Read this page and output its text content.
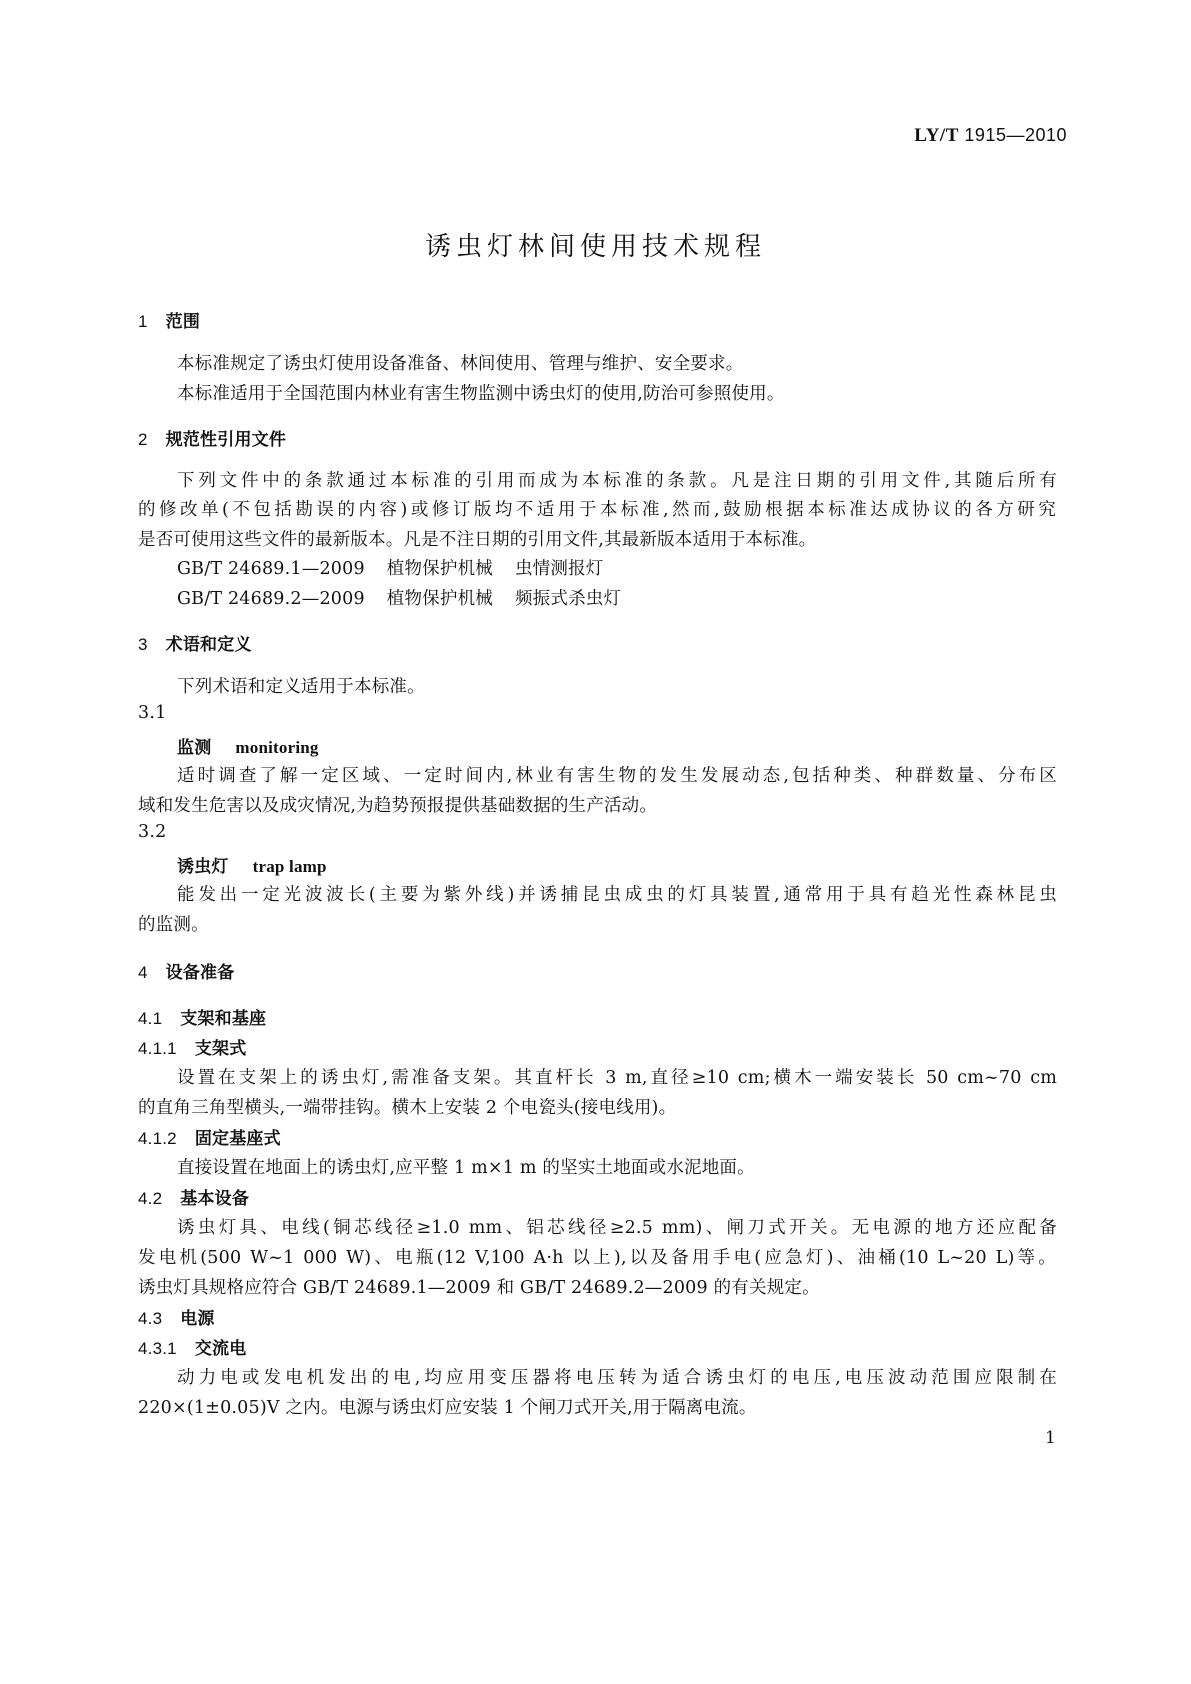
LY/T 1915—2010
诱虫灯林间使用技术规程
1 范围
本标准规定了诱虫灯使用设备准备、林间使用、管理与维护、安全要求。
本标准适用于全国范围内林业有害生物监测中诱虫灯的使用,防治可参照使用。
2 规范性引用文件
下列文件中的条款通过本标准的引用而成为本标准的条款。凡是注日期的引用文件,其随后所有
的修改单(不包括勘误的内容)或修订版均不适用于本标准,然而,鼓励根据本标准达成协议的各方研究
是否可使用这些文件的最新版本。凡是不注日期的引用文件,其最新版本适用于本标准。
GB/T 24689.1—2009 植物保护机械 虫情测报灯
GB/T 24689.2—2009 植物保护机械 频振式杀虫灯
3 术语和定义
下列术语和定义适用于本标准。
3.1
监测 monitoring
适时调查了解一定区域、一定时间内,林业有害生物的发生发展动态,包括种类、种群数量、分布区
域和发生危害以及成灾情况,为趋势预报提供基础数据的生产活动。
3.2
诱虫灯 trap lamp
能发出一定光波波长(主要为紫外线)并诱捕昆虫成虫的灯具装置,通常用于具有趋光性森林昆虫
的监测。
4 设备准备
4.1 支架和基座
4.1.1 支架式
设置在支架上的诱虫灯,需准备支架。其直杆长 3 m,直径≥10 cm;横木一端安装长 50 cm~70 cm
的直角三角型横头,一端带挂钩。横木上安装 2 个电瓷头(接电线用)。
4.1.2 固定基座式
直接设置在地面上的诱虫灯,应平整 1 m×1 m 的坚实土地面或水泥地面。
4.2 基本设备
诱虫灯具、电线(铜芯线径≥1.0 mm、铝芯线径≥2.5 mm)、闸刀式开关。无电源的地方还应配备
发电机(500 W~1 000 W)、电瓶(12 V,100 A·h 以上),以及备用手电(应急灯)、油桶(10 L~20 L)等。
诱虫灯具规格应符合 GB/T 24689.1—2009 和 GB/T 24689.2—2009 的有关规定。
4.3 电源
4.3.1 交流电
动力电或发电机发出的电,均应用变压器将电压转为适合诱虫灯的电压,电压波动范围应限制在
220×(1±0.05)V 之内。电源与诱虫灯应安装 1 个闸刀式开关,用于隔离电流。
1
